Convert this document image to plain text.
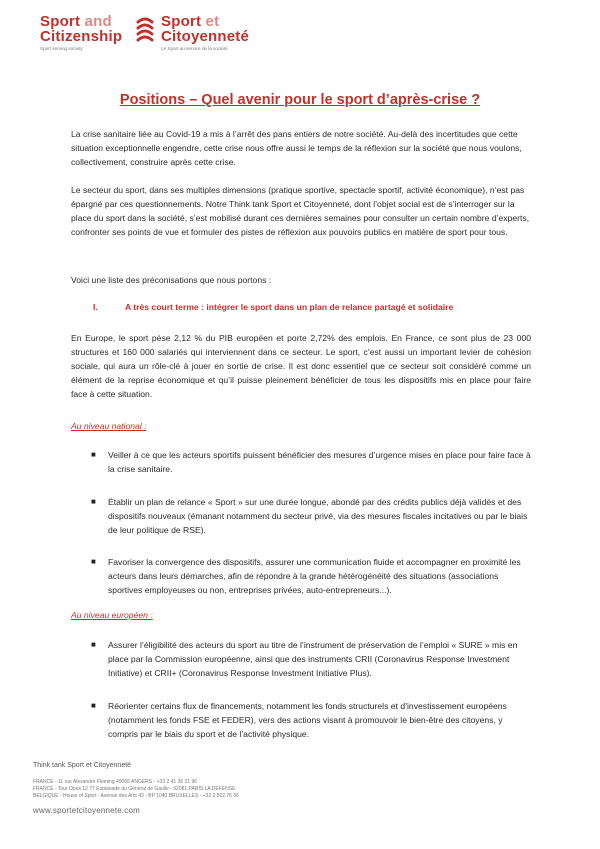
Sport and
Citizenship
Sport serving society
Sport et
Citoyenneté
Le Sport au service de la société
Positions – Quel avenir pour le sport d’après-crise ?
La crise sanitaire liée au Covid-19 a mis à l’arrêt des pans entiers de notre société. Au-delà des incertitudes que cette situation exceptionnelle engendre, cette crise nous offre aussi le temps de la réflexion sur la société que nous voulons, collectivement, construire après cette crise.
Le secteur du sport, dans ses multiples dimensions (pratique sportive, spectacle sportif, activité économique), n’est pas épargné par ces questionnements. Notre Think tank Sport et Citoyenneté, dont l’objet social est de s’interroger sur la place du sport dans la société, s’est mobilisé durant ces dernières semaines pour consulter un certain nombre d’experts, confronter ses points de vue et formuler des pistes de réflexion aux pouvoirs publics en matière de sport pour tous.
Voici une liste des préconisations que nous portons :
I.	A très court terme : intégrer le sport dans un plan de relance partagé et solidaire
En Europe, le sport pèse 2,12 % du PIB européen et porte 2,72% des emplois. En France, ce sont plus de 23 000 structures et 160 000 salariés qui interviennent dans ce secteur. Le sport, c’est aussi un important levier de cohésion sociale, qui aura un rôle-clé à jouer en sortie de crise. Il est donc essentiel que ce secteur soit considéré comme un élément de la reprise économique et qu’il puisse pleinement bénéficier de tous les dispositifs mis en place pour faire face à cette situation.
Au niveau national :
■ Veiller à ce que les acteurs sportifs puissent bénéficier des mesures d’urgence mises en place pour faire face à la crise sanitaire.
■ Établir un plan de relance « Sport » sur une durée longue, abondé par des crédits publics déjà validés et des dispositifs nouveaux (émanant notamment du secteur privé, via des mesures fiscales incitatives ou par le biais de leur politique de RSE).
■ Favoriser la convergence des dispositifs, assurer une communication fluide et accompagner en proximité les acteurs dans leurs démarches, afin de répondre à la grande hétérogénéité des situations (associations sportives employeuses ou non, entreprises privées, auto-entrepreneurs...).
Au niveau européen :
■ Assurer l’éligibilité des acteurs du sport au titre de l’instrument de préservation de l’emploi « SURE » mis en place par la Commission européenne, ainsi que des instruments CRII (Coronavirus Response Investment Initiative) et CRII+ (Coronavirus Response Investment Initiative Plus).
■ Réorienter certains flux de financements, notamment les fonds structurels et d’investissement européens (notamment les fonds FSE et FEDER), vers des actions visant à promouvoir le bien-être des citoyens, y compris par le biais du sport et de l’activité physique.
Think tank Sport et Citoyenneté
FRANCE - 11 rue Alexandre Fleming 49066 ANGERS - +33 2 41 36 21 96
FRANCE - Tour Opus 12 77 Esplanade du Général de Gaulle - 92081 PARIS LA DEFENSE
BELGIQUE - House of Sport - Avenue des Arts 43 - BP 1040 BRUXELLES - +32 2 502 76 56
www.sportetcitoyennete.com
